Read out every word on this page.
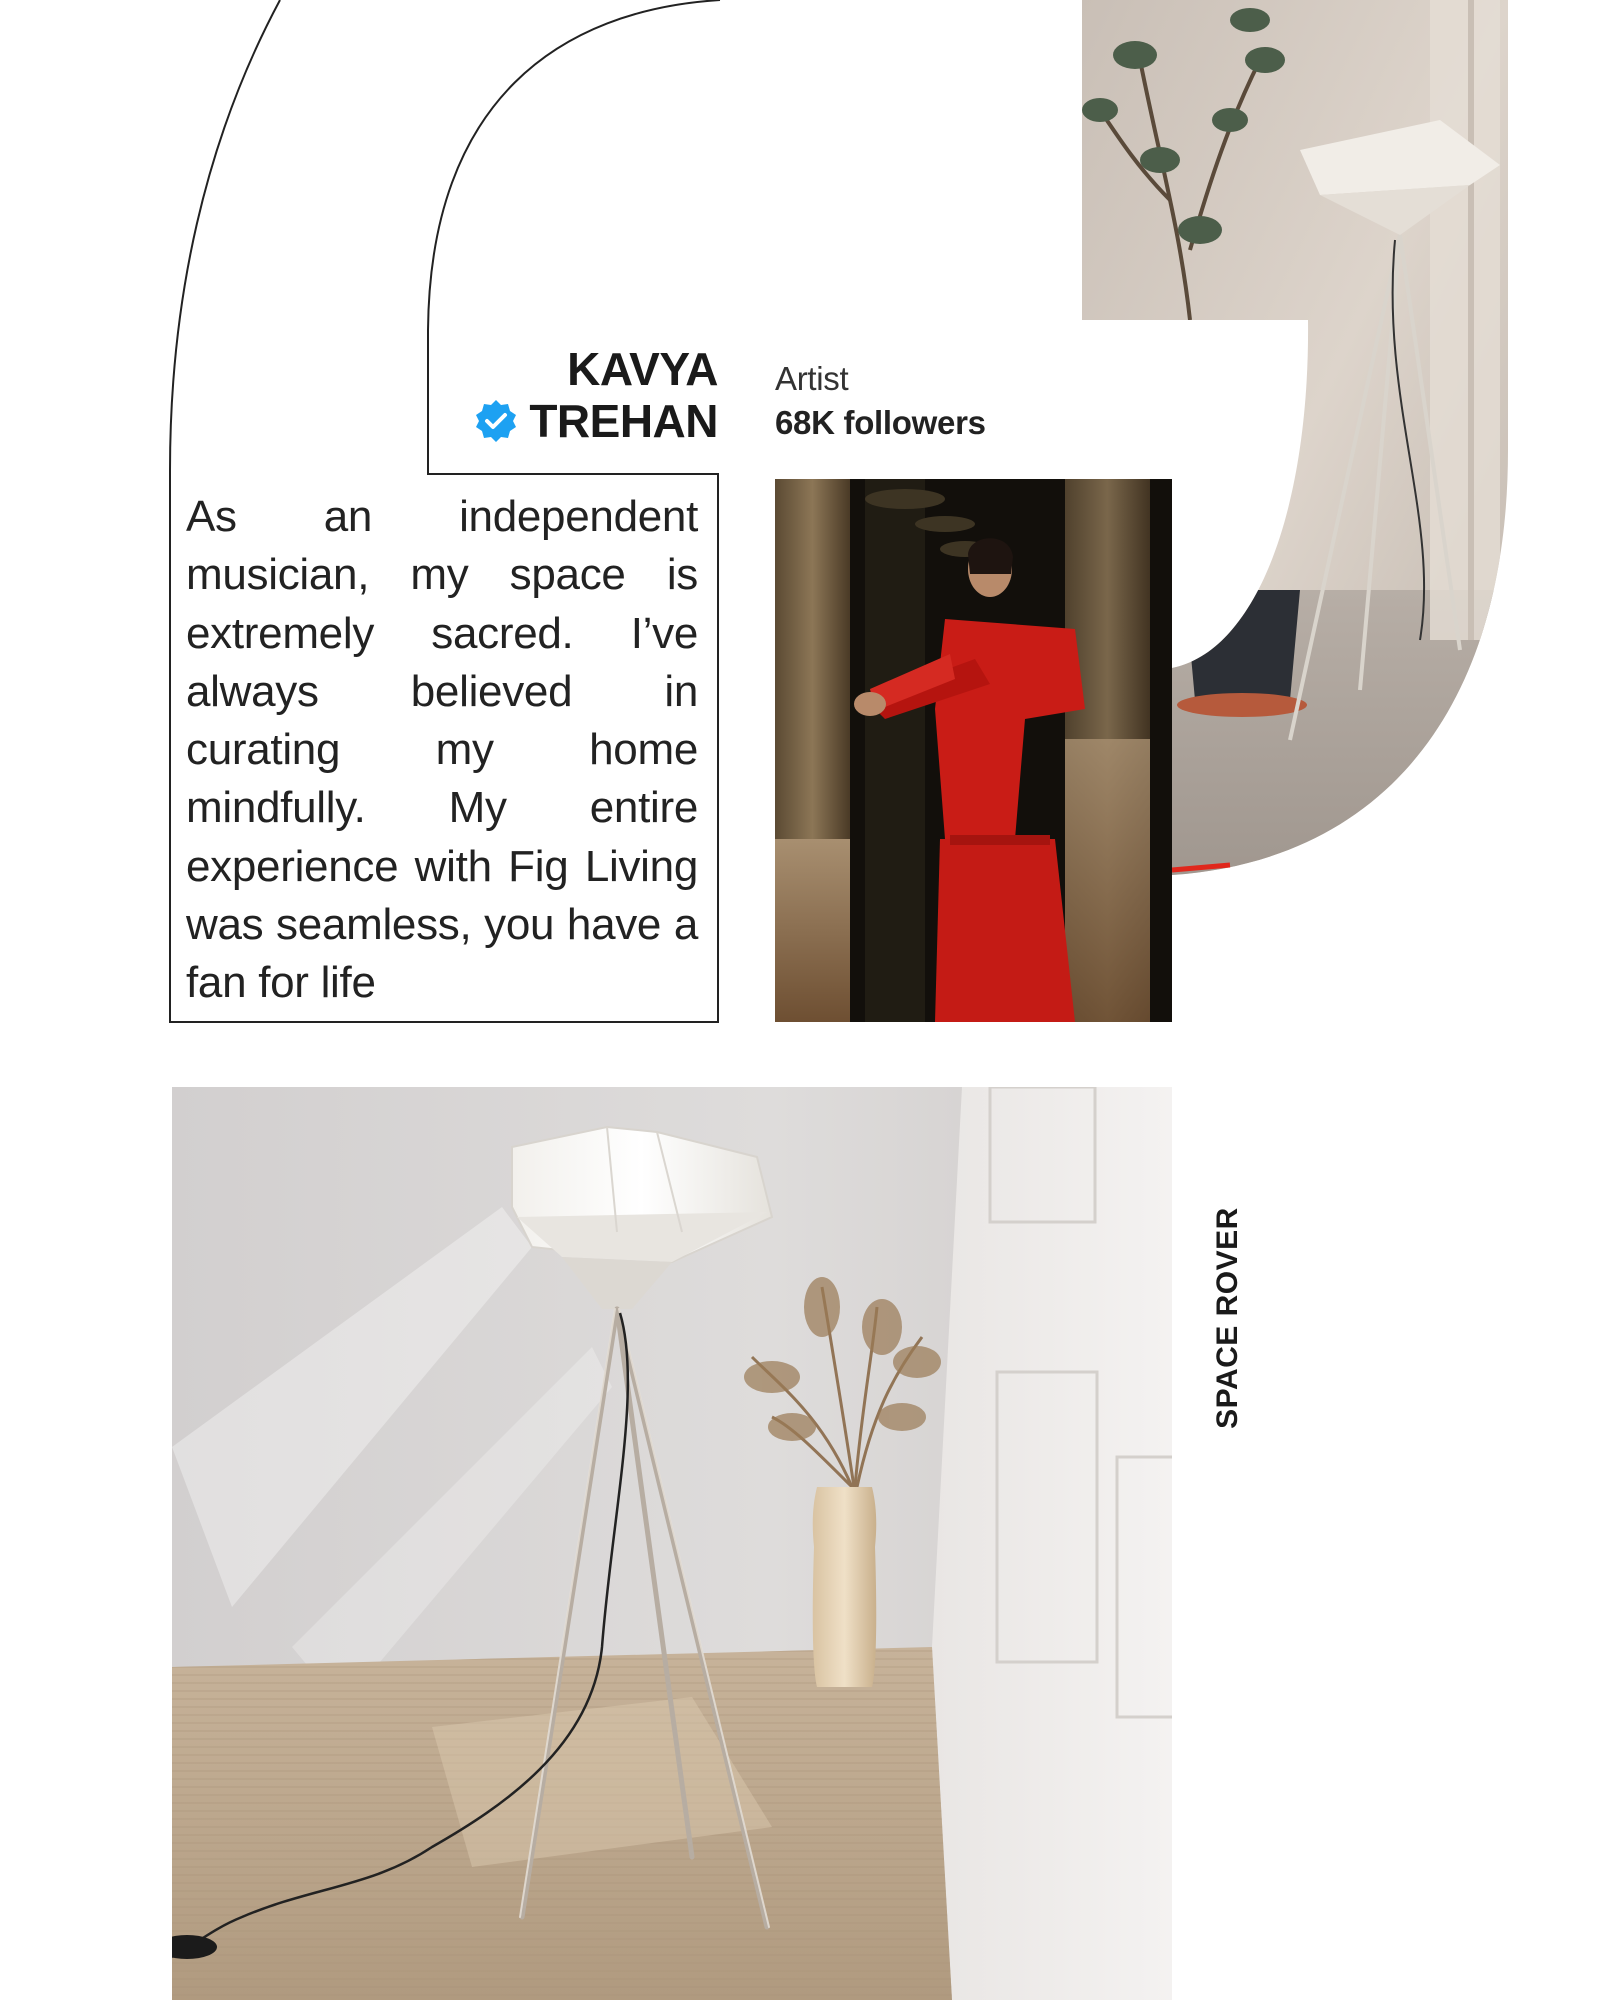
KAVYA
TREHAN
Artist
68K followers
As an independent musician, my space is extremely sacred. I’ve always believed in curating my home mindfully. My entire experience with Fig Living was seamless, you have a fan for life
SPACE ROVER
